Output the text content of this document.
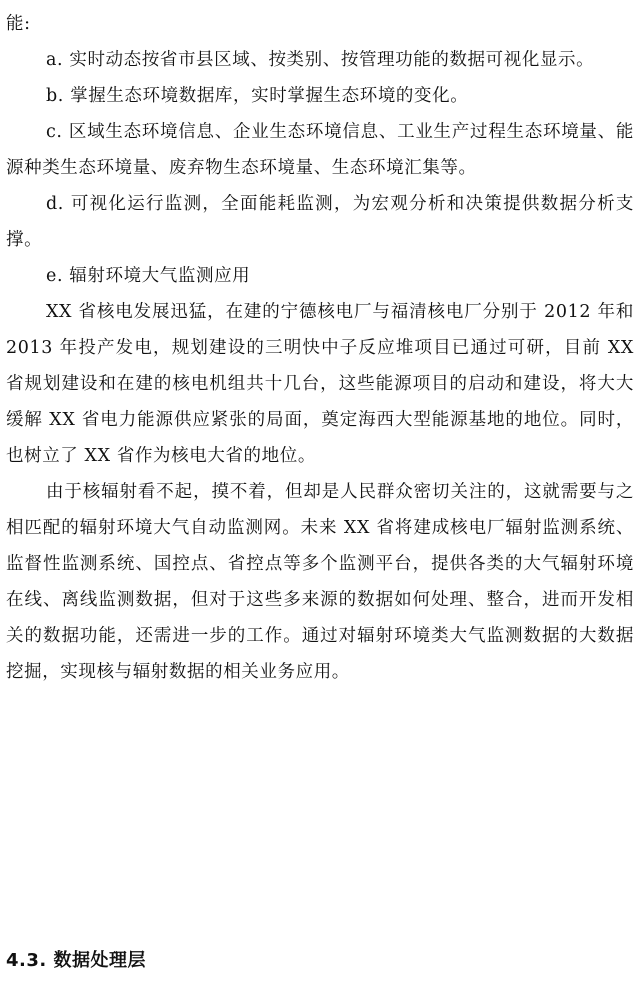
能:

a. 实时动态按省市县区域、按类别、按管理功能的数据可视化显示。

b. 掌握生态环境数据库，实时掌握生态环境的变化。

c. 区域生态环境信息、企业生态环境信息、工业生产过程生态环境量、能源种类生态环境量、废弃物生态环境量、生态环境汇集等。

d. 可视化运行监测，全面能耗监测，为宏观分析和决策提供数据分析支撑。

e. 辐射环境大气监测应用

XX 省核电发展迅猛，在建的宁德核电厂与福清核电厂分别于 2012 年和 2013 年投产发电，规划建设的三明快中子反应堆项目已通过可研，目前 XX 省规划建设和在建的核电机组共十几台，这些能源项目的启动和建设，将大大缓解 XX 省电力能源供应紧张的局面，奠定海西大型能源基地的地位。同时，也树立了 XX 省作为核电大省的地位。

由于核辐射看不起，摸不着，但却是人民群众密切关注的，这就需要与之相匹配的辐射环境大气自动监测网。未来 XX 省将建成核电厂辐射监测系统、监督性监测系统、国控点、省控点等多个监测平台，提供各类的大气辐射环境在线、离线监测数据，但对于这些多来源的数据如何处理、整合，进而开发相关的数据功能，还需进一步的工作。通过对辐射环境类大气监测数据的大数据挖掘，实现核与辐射数据的相关业务应用。

4.3. 数据处理层
